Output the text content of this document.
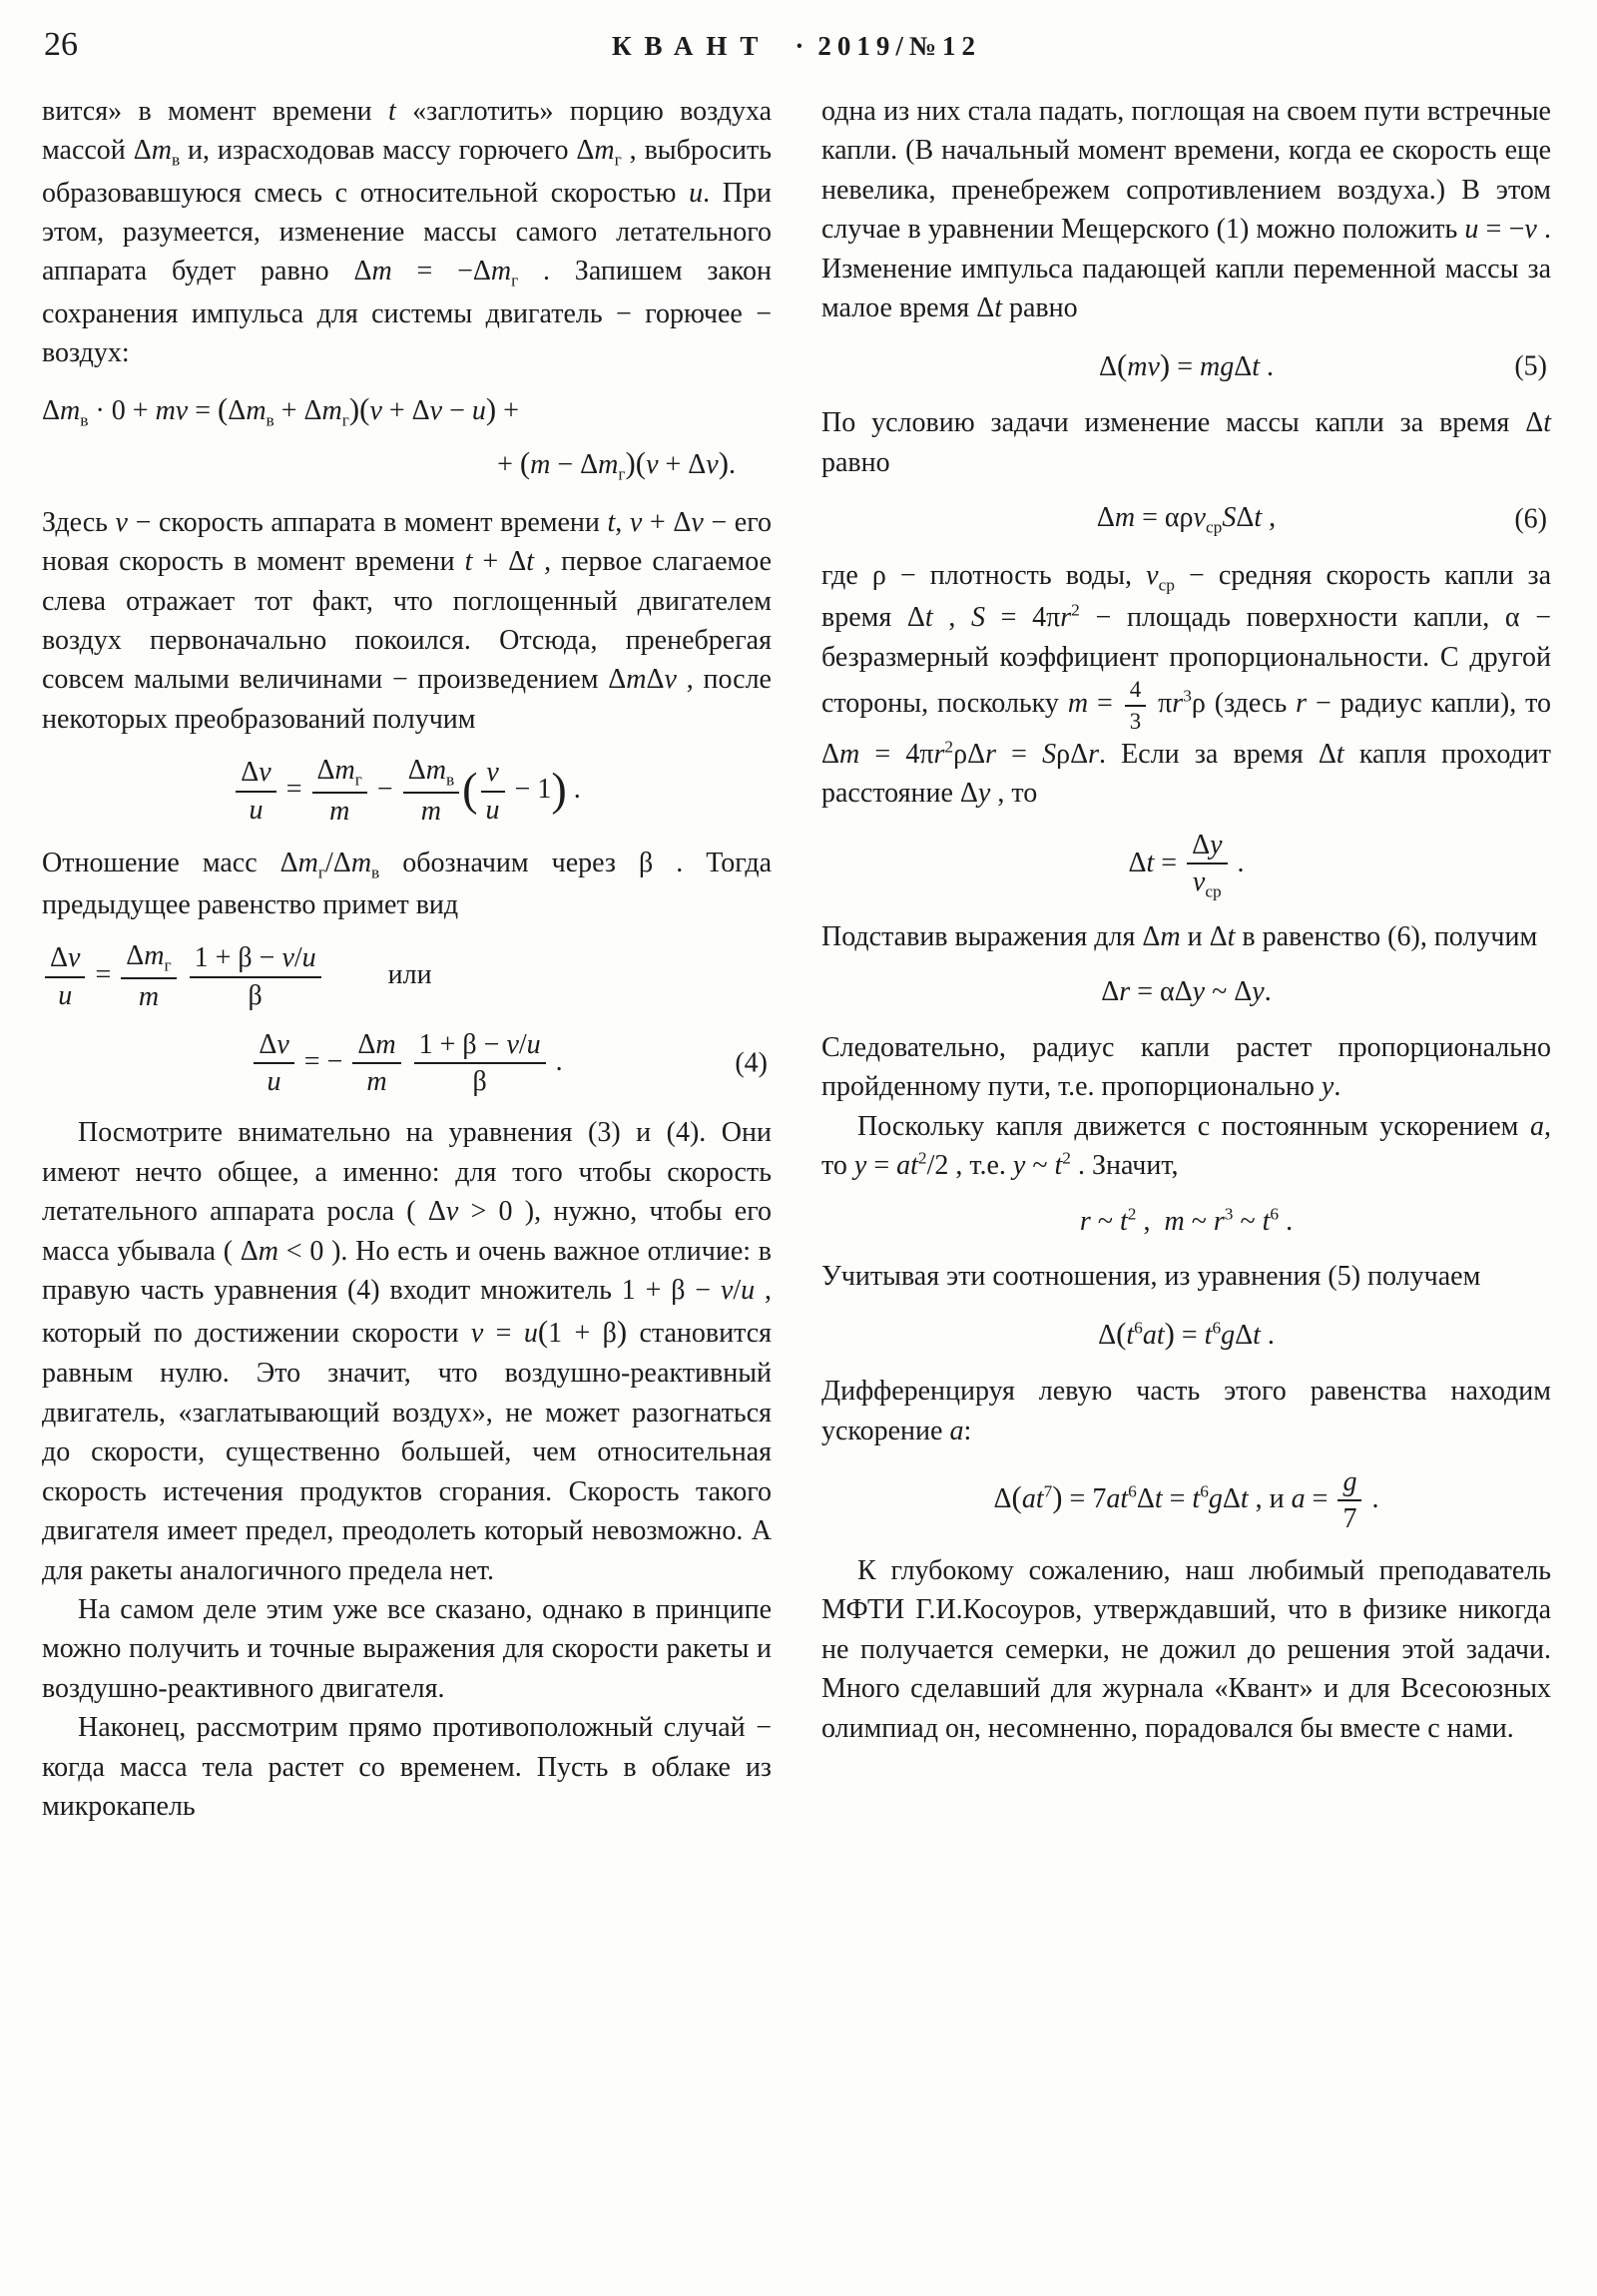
26	КВАНТ · 2019/№12

вится» в момент времени t «заглотить» порцию воздуха массой $\Delta m_в$ и, израсходовав массу горючего $\Delta m_г$ , выбросить образовавшуюся смесь с относительной скоростью u. При этом, разумеется, изменение массы самого летательного аппарата будет равно $\Delta m = -\Delta m_г$ . Запишем закон сохранения импульса для системы двигатель − горючее − воздух:

$\Delta m_в \cdot 0$ + mv = $(\Delta m_в + \Delta m_г)(v + \Delta v - u)$ +
+ $(m - \Delta m_г)(v + \Delta v)$.

Здесь v − скорость аппарата в момент времени t, v + Δv − его новая скорость в момент времени t + Δt , первое слагаемое слева отражает тот факт, что поглощенный двигателем воздух первоначально покоился. Отсюда, пренебрегая совсем малыми величинами − произведением ΔmΔv , после некоторых преобразований получим

$\frac{\Delta v}{u} = \frac{\Delta m_г}{m} - \frac{\Delta m_в}{m}$ ( $\frac{v}{u} - 1$) .

Отношение масс $\Delta m_г/\Delta m_в$ обозначим через β . Тогда предыдущее равенство примет вид

$\frac{\Delta v}{u} = \frac{\Delta m_г}{m}$
$\frac{1 + \beta - v/u}{\beta}$ или
$\frac{\Delta v}{u}$ = − $\frac{\Delta m}{m}$
$\frac{1 + \beta - v/u}{\beta}$ .	(4)

Посмотрите внимательно на уравнения (3) и (4). Они имеют нечто общее, а именно: для того чтобы скорость летательного аппарата росла ( Δv > 0 ), нужно, чтобы его масса убывала ( Δm < 0 ). Но есть и очень важное отличие: в правую часть уравнения (4) входит множитель 1 + β − v/u , который по достижении скорости v = u(1 + β) становится равным нулю. Это значит, что воздушно-реактивный двигатель, «заглатывающий воздух», не может разогнаться до скорости, существенно большей, чем относительная скорость истечения продуктов сгорания. Скорость такого двигателя имеет предел, преодолеть который невозможно. А для ракеты аналогичного предела нет.

На самом деле этим уже все сказано, однако в принципе можно получить и точные выражения для скорости ракеты и воздушно-реактивного двигателя.

Наконец, рассмотрим прямо противоположный случай − когда масса тела растет со временем. Пусть в облаке из микрокапель

одна из них стала падать, поглощая на своем пути встречные капли. (В начальный момент времени, когда ее скорость еще невелика, пренебрежем сопротивлением воздуха.) В этом случае в уравнении Мещерского (1) можно положить u = −v . Изменение импульса падающей капли переменной массы за малое время Δt равно

Δ(mv) = mgΔt .	(5)

По условию задачи изменение массы капли за время Δt равно

Δm = αρv$_{ср}$SΔt ,	(6)

где ρ − плотность воды, $v_{ср}$ − средняя скорость капли за время Δt , $S = 4\pi r^2$ − площадь поверхности капли, α − безразмерный коэффициент пропорциональности. С другой стороны, поскольку $m = \frac{4}{3} \pi r^3\rho$ (здесь r − радиус капли), то $\Delta m = 4\pi r^2\rho\Delta r = S\rho\Delta r$. Если за время Δt капля проходит расстояние Δy , то

$\Delta t = \frac{\Delta y}{v_{ср}}$ .

Подставив выражения для Δm и Δt в равенство (6), получим

Δr = αΔy ~ Δy.

Следовательно, радиус капли растет пропорционально пройденному пути, т.е. пропорционально y.

Поскольку капля движется с постоянным ускорением a, то $y = at^2/2$ , т.е. y ~ $t^2$ . Значит,

r ~ $t^2$ ,  m ~ $r^3$ ~ $t^6$ .

Учитывая эти соотношения, из уравнения (5) получаем

$\Delta(t^6at) = t^6g\Delta t$ .

Дифференцируя левую часть этого равенства находим ускорение a:

$\Delta(at^7) = 7at^6\Delta t = t^6g\Delta t$ , и $a = \frac{g}{7}$ .

К глубокому сожалению, наш любимый преподаватель МФТИ Г.И.Косоуров, утверждавший, что в физике никогда не получается семерки, не дожил до решения этой задачи. Много сделавший для журнала «Квант» и для Всесоюзных олимпиад он, несомненно, порадовался бы вместе с нами.
